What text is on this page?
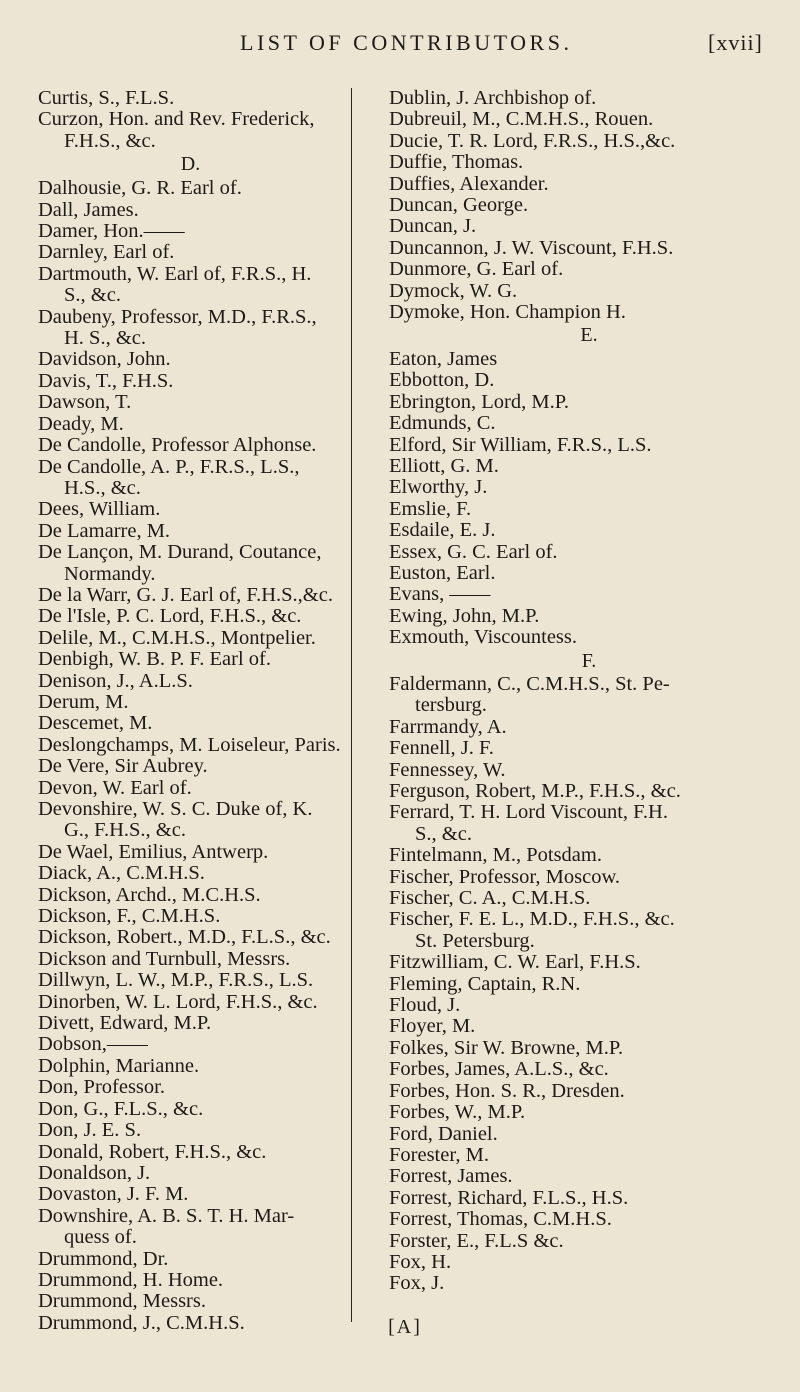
LIST OF CONTRIBUTORS.	[xvii]
Curtis, S., F.L.S.
Curzon, Hon. and Rev. Frederick,
F.H.S., &c.
D.
Dalhousie, G. R. Earl of.
Dall, James.
Damer, Hon.——
Darnley, Earl of.
Dartmouth, W. Earl of, F.R.S., H.
S., &c.
Daubeny, Professor, M.D., F.R.S.,
H. S., &c.
Davidson, John.
Davis, T., F.H.S.
Dawson, T.
Deady, M.
De Candolle, Professor Alphonse.
De Candolle, A. P., F.R.S., L.S.,
H.S., &c.
Dees, William.
De Lamarre, M.
De Lançon, M. Durand, Coutance,
Normandy.
De la Warr, G. J. Earl of, F.H.S.,&c.
De l'Isle, P. C. Lord, F.H.S., &c.
Delile, M., C.M.H.S., Montpelier.
Denbigh, W. B. P. F. Earl of.
Denison, J., A.L.S.
Derum, M.
Descemet, M.
Deslongchamps, M. Loiseleur, Paris.
De Vere, Sir Aubrey.
Devon, W. Earl of.
Devonshire, W. S. C. Duke of, K.
G., F.H.S., &c.
De Wael, Emilius, Antwerp.
Diack, A., C.M.H.S.
Dickson, Archd., M.C.H.S.
Dickson, F., C.M.H.S.
Dickson, Robert., M.D., F.L.S., &c.
Dickson and Turnbull, Messrs.
Dillwyn, L. W., M.P., F.R.S., L.S.
Dinorben, W. L. Lord, F.H.S., &c.
Divett, Edward, M.P.
Dobson,——
Dolphin, Marianne.
Don, Professor.
Don, G., F.L.S., &c.
Don, J. E. S.
Donald, Robert, F.H.S., &c.
Donaldson, J.
Dovaston, J. F. M.
Downshire, A. B. S. T. H. Mar-
quess of.
Drummond, Dr.
Drummond, H. Home.
Drummond, Messrs.
Drummond, J., C.M.H.S.
Dublin, J. Archbishop of.
Dubreuil, M., C.M.H.S., Rouen.
Ducie, T. R. Lord, F.R.S., H.S.,&c.
Duffie, Thomas.
Duffies, Alexander.
Duncan, George.
Duncan, J.
Duncannon, J. W. Viscount, F.H.S.
Dunmore, G. Earl of.
Dymock, W. G.
Dymoke, Hon. Champion H.
E.
Eaton, James
Ebbotton, D.
Ebrington, Lord, M.P.
Edmunds, C.
Elford, Sir William, F.R.S., L.S.
Elliott, G. M.
Elworthy, J.
Emslie, F.
Esdaile, E. J.
Essex, G. C. Earl of.
Euston, Earl.
Evans, ——
Ewing, John, M.P.
Exmouth, Viscountess.
F.
Faldermann, C., C.M.H.S., St. Pe-
tersburg.
Farrmandy, A.
Fennell, J. F.
Fennessey, W.
Ferguson, Robert, M.P., F.H.S., &c.
Ferrard, T. H. Lord Viscount, F.H.
S., &c.
Fintelmann, M., Potsdam.
Fischer, Professor, Moscow.
Fischer, C. A., C.M.H.S.
Fischer, F. E. L., M.D., F.H.S., &c.
St. Petersburg.
Fitzwilliam, C. W. Earl, F.H.S.
Fleming, Captain, R.N.
Floud, J.
Floyer, M.
Folkes, Sir W. Browne, M.P.
Forbes, James, A.L.S., &c.
Forbes, Hon. S. R., Dresden.
Forbes, W., M.P.
Ford, Daniel.
Forester, M.
Forrest, James.
Forrest, Richard, F.L.S., H.S.
Forrest, Thomas, C.M.H.S.
Forster, E., F.L.S &c.
Fox, H.
Fox, J.
[A]
